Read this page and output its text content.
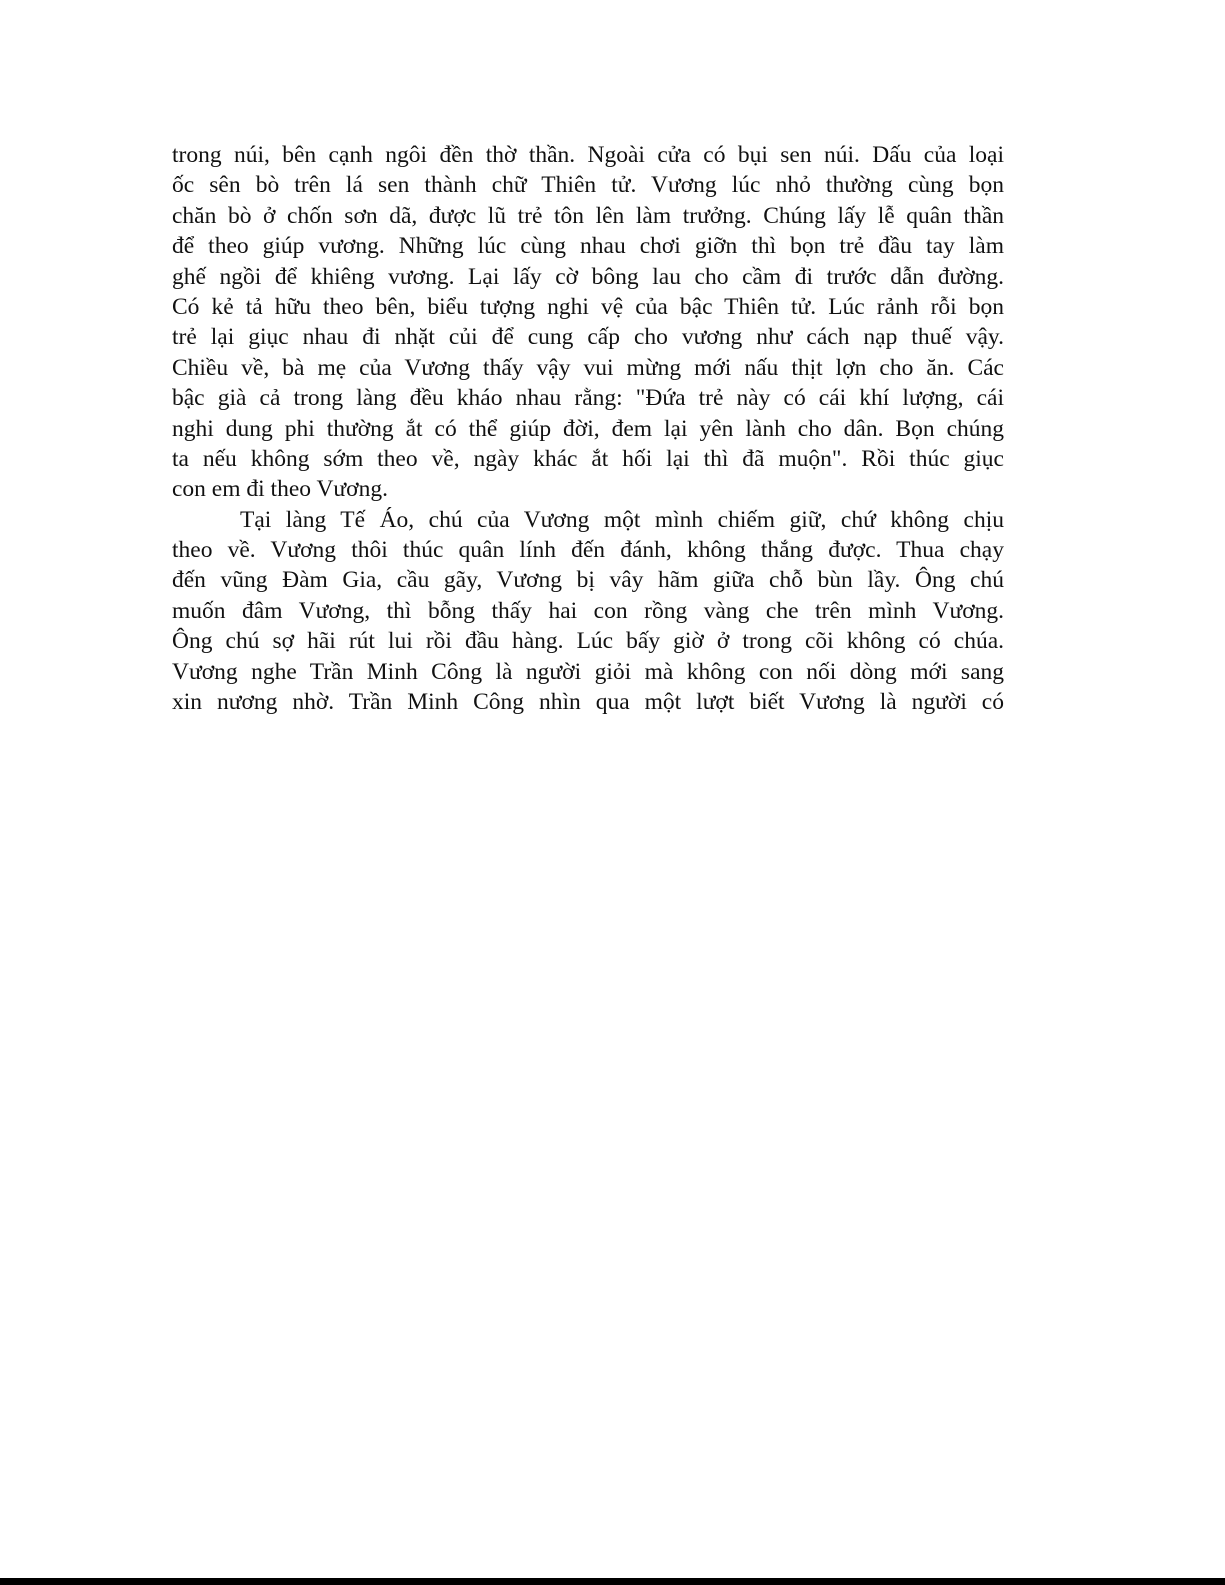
trong núi, bên cạnh ngôi đền thờ thần. Ngoài cửa có bụi sen núi. Dấu của loại
ốc sên bò trên lá sen thành chữ Thiên tử. Vương lúc nhỏ thường cùng bọn
chăn bò ở chốn sơn dã, được lũ trẻ tôn lên làm trưởng. Chúng lấy lễ quân thần
để theo giúp vương. Những lúc cùng nhau chơi giỡn thì bọn trẻ đầu tay làm
ghế ngồi để khiêng vương. Lại lấy cờ bông lau cho cầm đi trước dẫn đường.
Có kẻ tả hữu theo bên, biểu tượng nghi vệ của bậc Thiên tử. Lúc rảnh rỗi bọn
trẻ lại giục nhau đi nhặt củi để cung cấp cho vương như cách nạp thuế vậy.
Chiều về, bà mẹ của Vương thấy vậy vui mừng mới nấu thịt lợn cho ăn. Các
bậc già cả trong làng đều kháo nhau rằng: "Đứa trẻ này có cái khí lượng, cái
nghi dung phi thường ắt có thể giúp đời, đem lại yên lành cho dân. Bọn chúng
ta nếu không sớm theo về, ngày khác ắt hối lại thì đã muộn". Rồi thúc giục
con em đi theo Vương.
Tại làng Tế Áo, chú của Vương một mình chiếm giữ, chứ không chịu
theo về. Vương thôi thúc quân lính đến đánh, không thắng được. Thua chạy
đến vũng Đàm Gia, cầu gãy, Vương bị vây hãm giữa chỗ bùn lầy. Ông chú
muốn đâm Vương, thì bỗng thấy hai con rồng vàng che trên mình Vương.
Ông chú sợ hãi rút lui rồi đầu hàng. Lúc bấy giờ ở trong cõi không có chúa.
Vương nghe Trần Minh Công là người giỏi mà không con nối dòng mới sang
xin nương nhờ. Trần Minh Công nhìn qua một lượt biết Vương là người có
